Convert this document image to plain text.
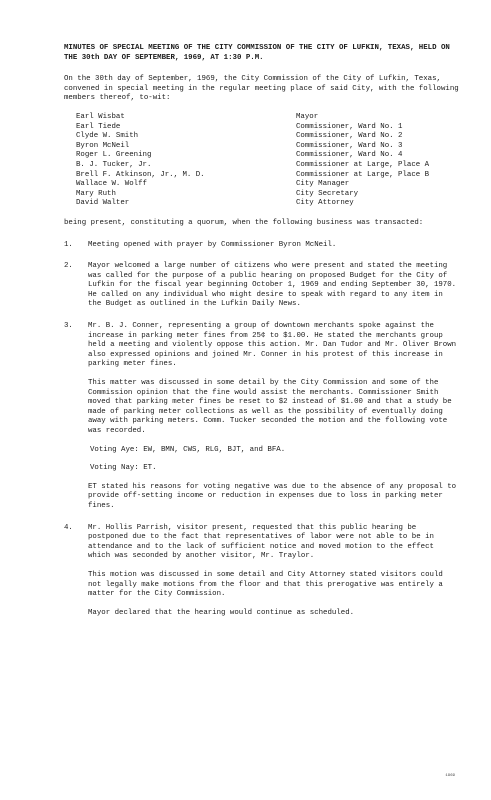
MINUTES OF SPECIAL MEETING OF THE CITY COMMISSION OF THE CITY OF LUFKIN, TEXAS, HELD ON THE 30th DAY OF SEPTEMBER, 1969, AT 1:30 P.M.

On the 30th day of September, 1969, the City Commission of the City of Lufkin, Texas, convened in special meeting in the regular meeting place of said City, with the following members thereof, to-wit:

Earl Wisbat	Mayor
Earl Tiede	Commissioner, Ward No. 1
Clyde W. Smith	Commissioner, Ward No. 2
Byron McNeil	Commissioner, Ward No. 3
Roger L. Greening	Commissioner, Ward No. 4
B. J. Tucker, Jr.	Commissioner at Large, Place A
Brell F. Atkinson, Jr., M. D.	Commissioner at Large, Place B
Wallace W. Wolff	City Manager
Mary Ruth	City Secretary
David Walter	City Attorney

being present, constituting a quorum, when the following business was transacted:

1.	Meeting opened with prayer by Commissioner Byron McNeil.

2.	Mayor welcomed a large number of citizens who were present and stated the meeting was called for the purpose of a public hearing on proposed Budget for the City of Lufkin for the fiscal year beginning October 1, 1969 and ending September 30, 1970. He called on any individual who might desire to speak with regard to any item in the Budget as outlined in the Lufkin Daily News.

3.	Mr. B. J. Conner, representing a group of downtown merchants spoke against the increase in parking meter fines from 25¢ to $1.00. He stated the merchants group held a meeting and violently oppose this action. Mr. Dan Tudor and Mr. Oliver Brown also expressed opinions and joined Mr. Conner in his protest of this increase in parking meter fines.

This matter was discussed in some detail by the City Commission and some of the Commission opinion that the fine would assist the merchants. Commissioner Smith moved that parking meter fines be reset to $2 instead of $1.00 and that a study be made of parking meter collections as well as the possibility of eventually doing away with parking meters. Comm. Tucker seconded the motion and the following vote was recorded.

Voting Aye: EW, BMN, CWS, RLG, BJT, and BFA.

Voting Nay: ET.

ET stated his reasons for voting negative was due to the absence of any proposal to provide off-setting income or reduction in expenses due to loss in parking meter fines.

4.	Mr. Hollis Parrish, visitor present, requested that this public hearing be postponed due to the fact that representatives of labor were not able to be in attendance and to the lack of sufficient notice and moved motion to the effect which was seconded by another visitor, Mr. Traylor.

This motion was discussed in some detail and City Attorney stated visitors could not legally make motions from the floor and that this prerogative was entirely a matter for the City Commission.

Mayor declared that the hearing would continue as scheduled.

1969
